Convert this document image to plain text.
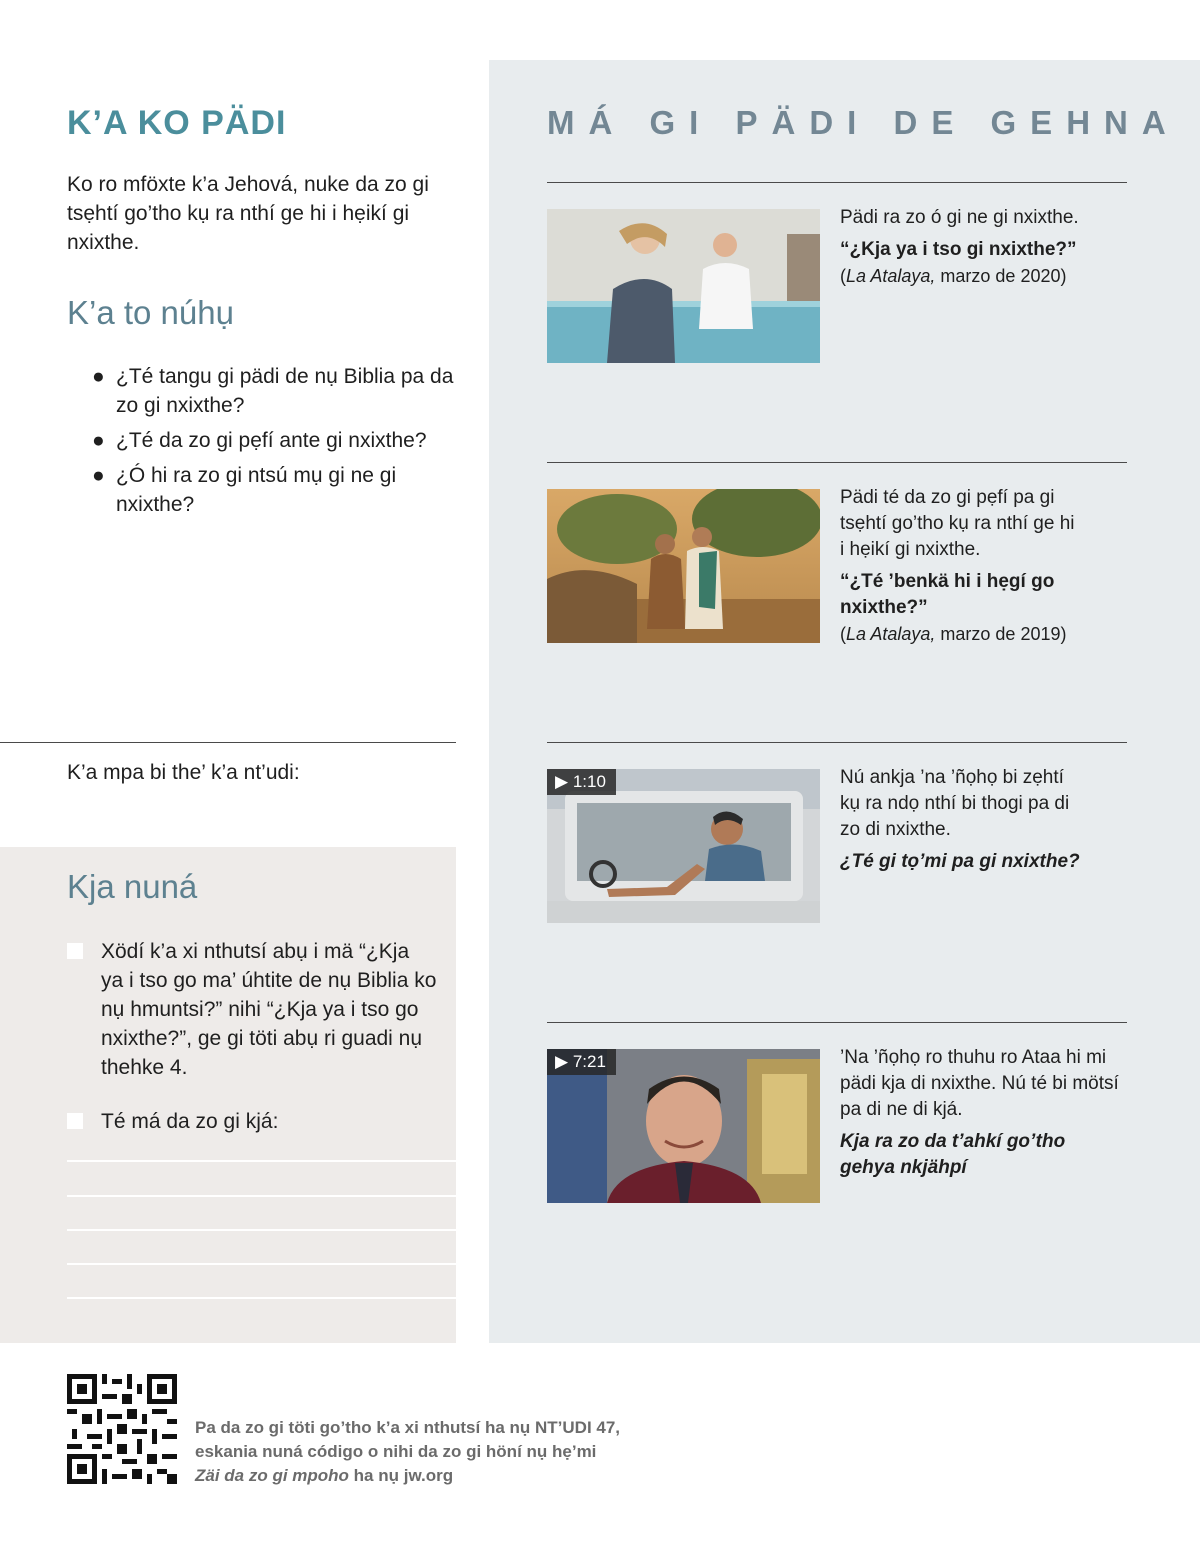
K’A KO PÄDI
Ko ro mföxte k’a Jehová, nuke da zo gi tsẹhtí go’tho kụ ra nthí ge hi i hẹikí gi nxixthe.
K’a to núhụ
● ¿Té tangu gi pädi de nụ Biblia pa da zo gi nxixthe?
● ¿Té da zo gi pẹfí ante gi nxixthe?
● ¿Ó hi ra zo gi ntsú mụ gi ne gi nxixthe?
K’a mpa bi the’ k’a nt’udi:
Kja nuná
Xödí k’a xi nthutsí abụ i mä “¿Kja ya i tso go ma’ úhtite de nụ Biblia ko nụ hmuntsi?” nihi “¿Kja ya i tso go nxixthe?”, ge gi töti abụ ri guadi nụ thehke 4.
Té má da zo gi kjá:
MÁ GI PÄDI DE GEHNA
Pädi ra zo ó gi ne gi nxixthe.
“¿Kja ya i tso gi nxixthe?”
(La Atalaya, marzo de 2020)
Pädi té da zo gi pẹfí pa gi tsẹhtí go’tho kụ ra nthí ge hi i hẹikí gi nxixthe.
“¿Té ’benkä hi i hẹgí go nxixthe?”
(La Atalaya, marzo de 2019)
▶ 1:10	Nú ankja ’na ’ñọhọ bi zẹhtí kụ ra ndọ nthí bi thogi pa di zo di nxixthe.
¿Té gi tọ’mi pa gi nxixthe?
▶ 7:21	’Na ’ñọhọ ro thuhu ro Ataa hi mi pädi kja di nxixthe. Nú té bi mötsí pa di ne di kjá.
Kja ra zo da t’ahkí go’tho gehya nkjähpí
Pa da zo gi töti go’tho k’a xi nthutsí ha nụ NT’UDI 47,
eskania nuná código o nihi da zo gi höní nụ hẹ’mi
Zäi da zo gi mpoho ha nụ jw.org
